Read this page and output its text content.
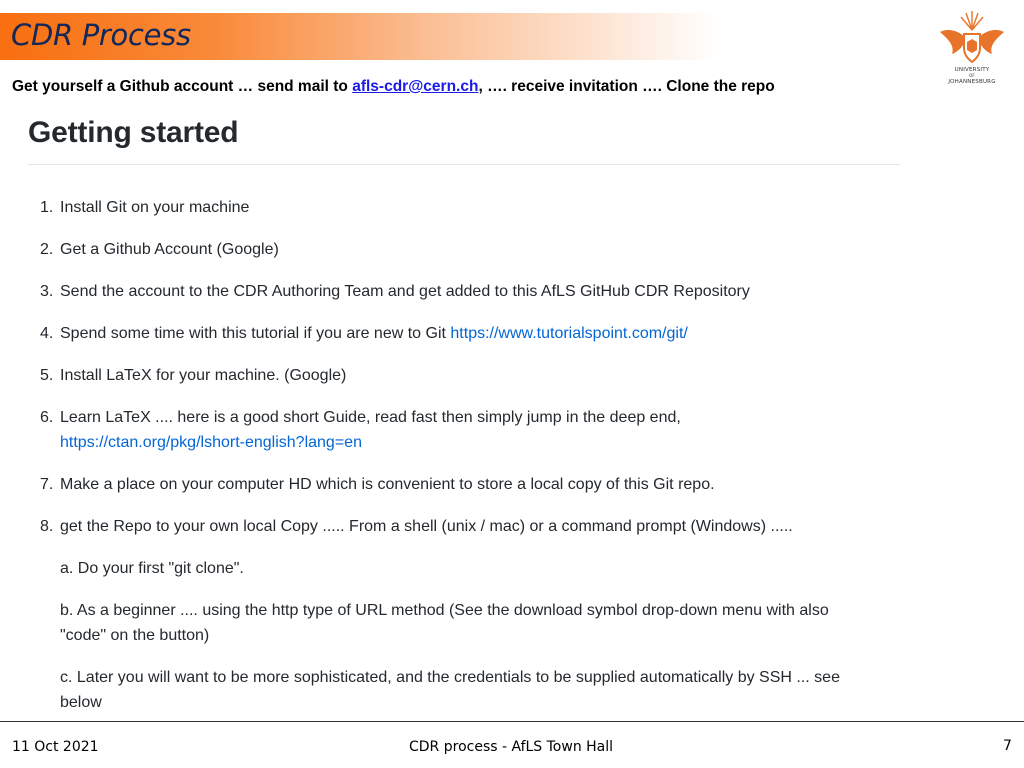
CDR Process
UNIVERSITY
OF
JOHANNESBURG
Get yourself a Github account … send mail to afls-cdr@cern.ch, …. receive invitation …. Clone the repo
Getting started
1. Install Git on your machine
2. Get a Github Account (Google)
3. Send the account to the CDR Authoring Team and get added to this AfLS GitHub CDR Repository
4. Spend some time with this tutorial if you are new to Git https://www.tutorialspoint.com/git/
5. Install LaTeX for your machine. (Google)
6. Learn LaTeX .... here is a good short Guide, read fast then simply jump in the deep end,
https://ctan.org/pkg/lshort-english?lang=en
7. Make a place on your computer HD which is convenient to store a local copy of this Git repo.
8. get the Repo to your own local Copy ..... From a shell (unix / mac) or a command prompt (Windows) .....
a. Do your first "git clone".
b. As a beginner .... using the http type of URL method (See the download symbol drop-down menu with also
"code" on the button)
c. Later you will want to be more sophisticated, and the credentials to be supplied automatically by SSH ... see
below
11 Oct 2021	CDR process - AfLS Town Hall	7
